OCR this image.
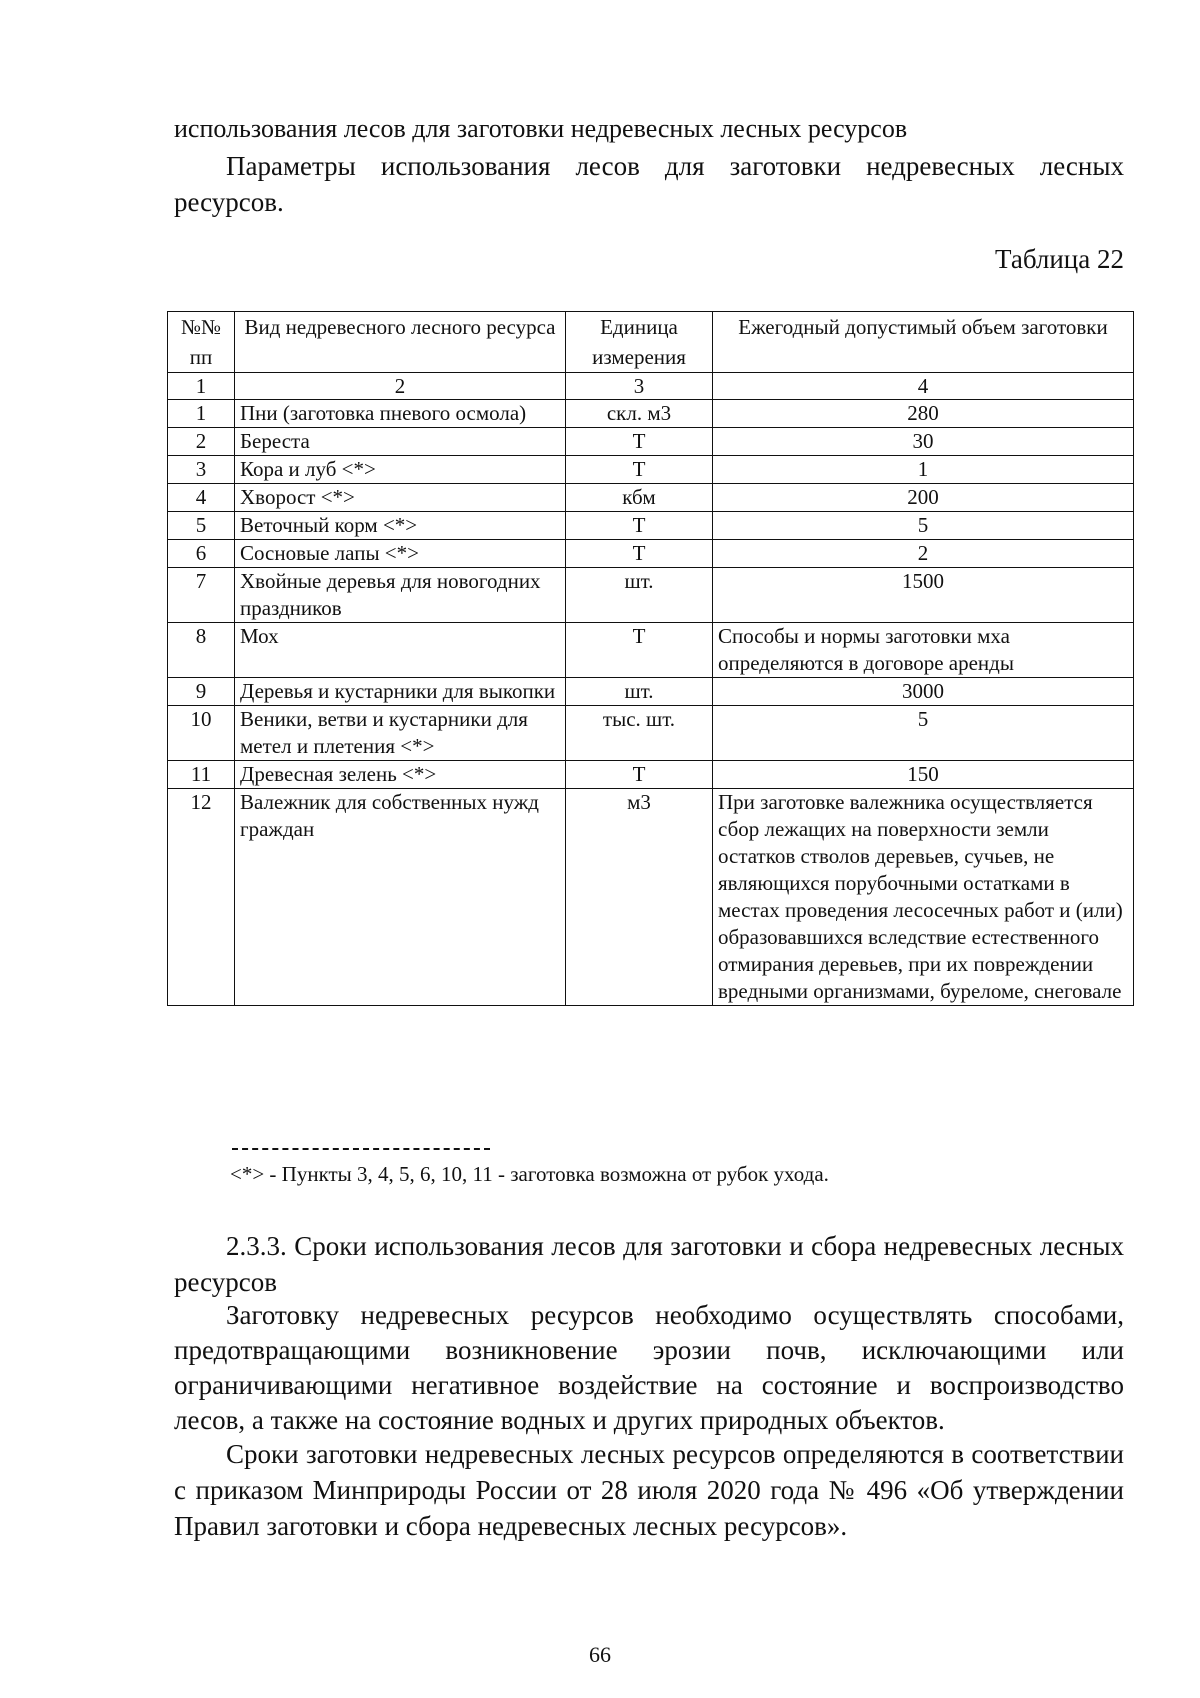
использования лесов для заготовки недревесных лесных ресурсов

Параметры использования лесов для заготовки недревесных лесных ресурсов.

Таблица 22

№№ пп	Вид недревесного лесного ресурса	Единица измерения	Ежегодный допустимый объем заготовки
1	2	3	4
1	Пни (заготовка пневого осмола)	скл. м3	280
2	Береста	Т	30
3	Кора и луб <*>	Т	1
4	Хворост <*>	кбм	200
5	Веточный корм <*>	Т	5
6	Сосновые лапы <*>	Т	2
7	Хвойные деревья для новогодних праздников	шт.	1500
8	Мох	Т	Способы и нормы заготовки мха определяются в договоре аренды
9	Деревья и кустарники для выкопки	шт.	3000
10	Веники, ветви и кустарники для метел и плетения <*>	тыс. шт.	5
11	Древесная зелень <*>	Т	150
12	Валежник для собственных нужд граждан	м3	При заготовке валежника осуществляется сбор лежащих на поверхности земли остатков стволов деревьев, сучьев, не являющихся порубочными остатками в местах проведения лесосечных работ и (или) образовавшихся вследствие естественного отмирания деревьев, при их повреждении вредными организмами, буреломе, снеговале

<*> - Пункты 3, 4, 5, 6, 10, 11 - заготовка возможна от рубок ухода.

2.3.3. Сроки использования лесов для заготовки и сбора недревесных лесных ресурсов

Заготовку недревесных ресурсов необходимо осуществлять способами, предотвращающими возникновение эрозии почв, исключающими или ограничивающими негативное воздействие на состояние и воспроизводство лесов, а также на состояние водных и других природных объектов.

Сроки заготовки недревесных лесных ресурсов определяются в соответствии с приказом Минприроды России от 28 июля 2020 года № 496 «Об утверждении Правил заготовки и сбора недревесных лесных ресурсов».

66
